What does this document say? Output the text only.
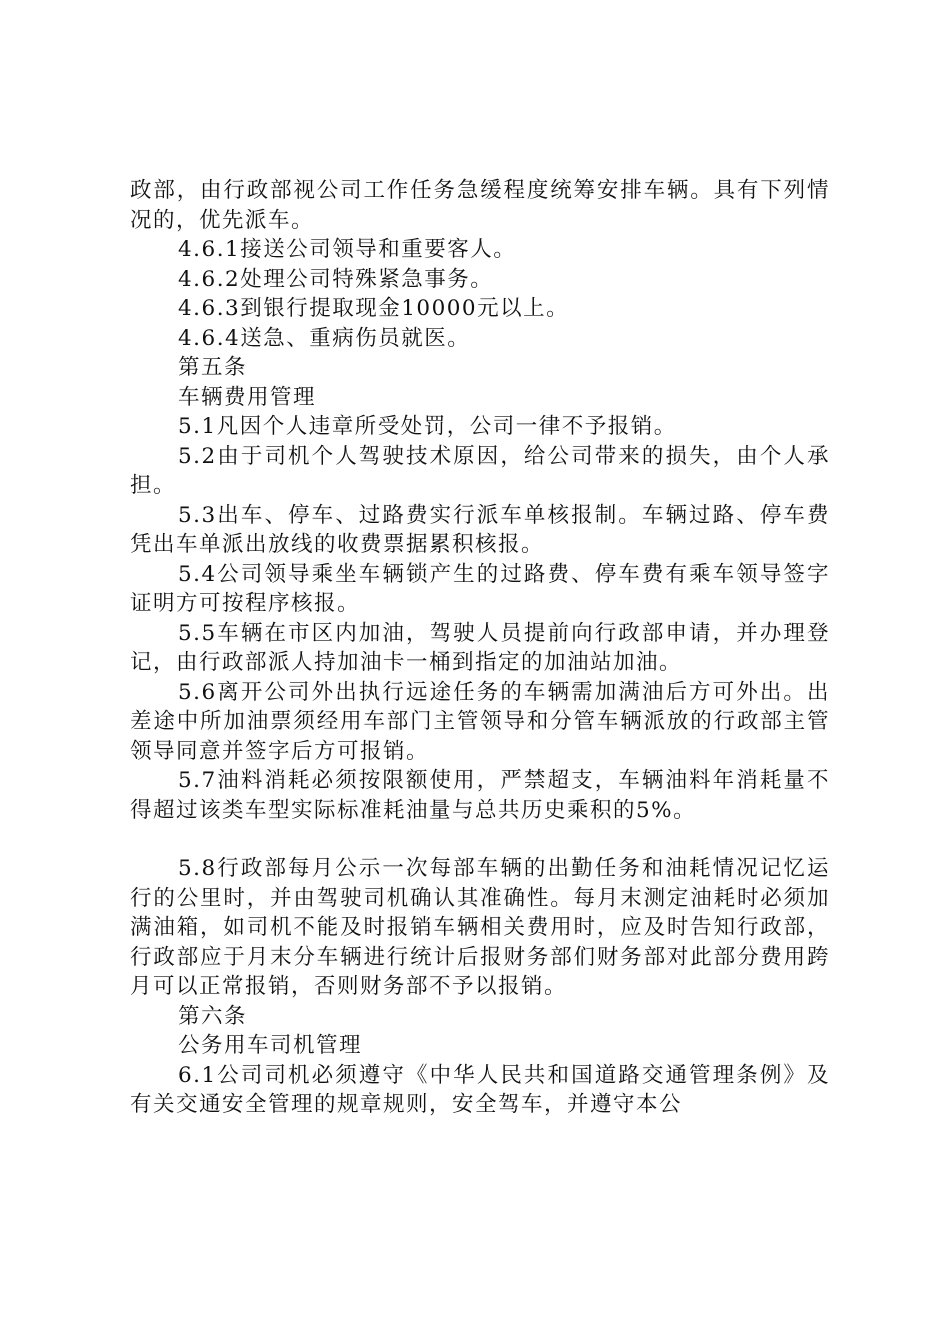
政部，由行政部视公司工作任务急缓程度统筹安排车辆。具有下列情况的，优先派车。

4.6.1接送公司领导和重要客人。

4.6.2处理公司特殊紧急事务。

4.6.3到银行提取现金10000元以上。

4.6.4送急、重病伤员就医。

第五条

车辆费用管理

5.1凡因个人违章所受处罚，公司一律不予报销。

5.2由于司机个人驾驶技术原因，给公司带来的损失，由个人承担。

5.3出车、停车、过路费实行派车单核报制。车辆过路、停车费凭出车单派出放线的收费票据累积核报。

5.4公司领导乘坐车辆锁产生的过路费、停车费有乘车领导签字证明方可按程序核报。

5.5车辆在市区内加油，驾驶人员提前向行政部申请，并办理登记，由行政部派人持加油卡一桶到指定的加油站加油。

5.6离开公司外出执行远途任务的车辆需加满油后方可外出。出差途中所加油票须经用车部门主管领导和分管车辆派放的行政部主管领导同意并签字后方可报销。

5.7油料消耗必须按限额使用，严禁超支，车辆油料年消耗量不得超过该类车型实际标准耗油量与总共历史乘积的5%。

5.8行政部每月公示一次每部车辆的出勤任务和油耗情况记忆运行的公里时，并由驾驶司机确认其准确性。每月末测定油耗时必须加满油箱，如司机不能及时报销车辆相关费用时，应及时告知行政部，行政部应于月末分车辆进行统计后报财务部们财务部对此部分费用跨月可以正常报销，否则财务部不予以报销。

第六条

公务用车司机管理

6.1公司司机必须遵守《中华人民共和国道路交通管理条例》及有关交通安全管理的规章规则，安全驾车，并遵守本公
